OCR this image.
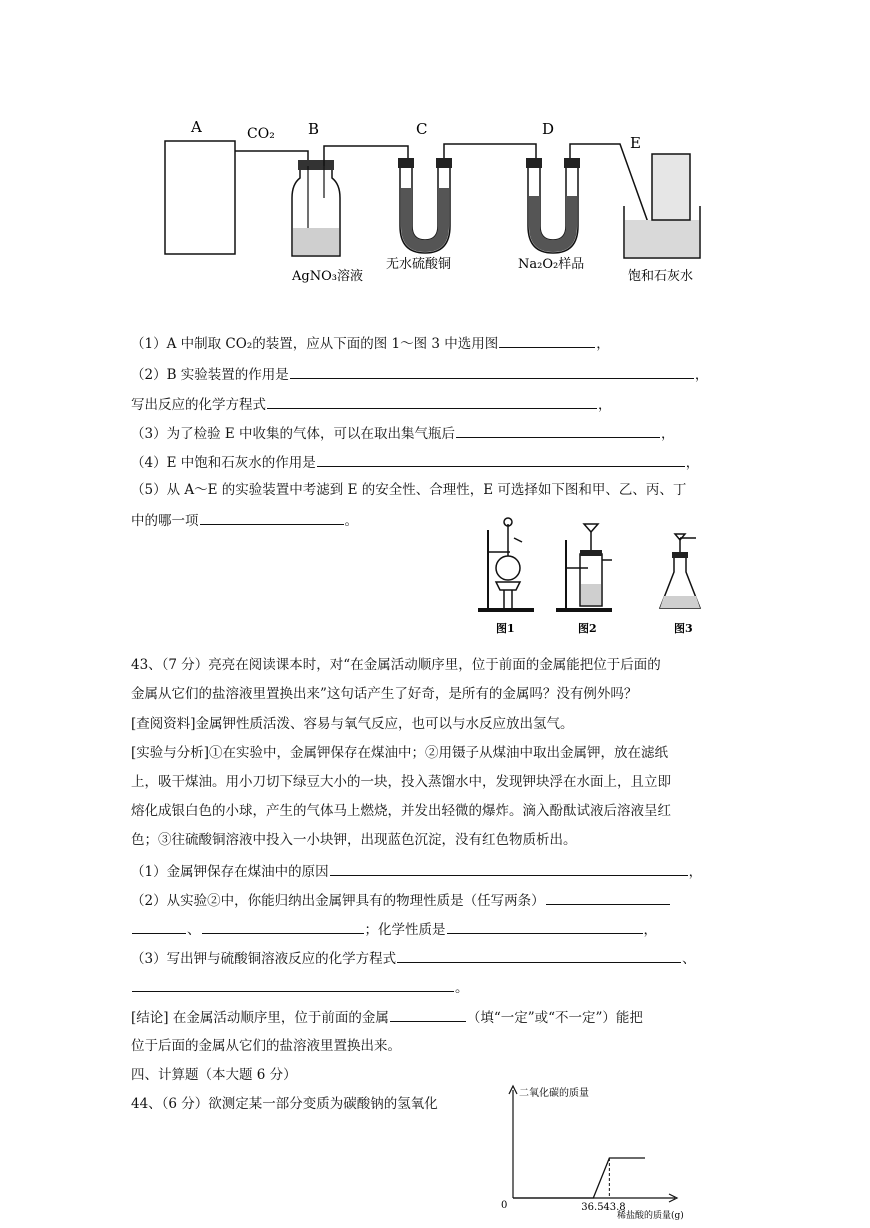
A	CO₂ B	C	D
E
AgNO₃溶液
无水硫酸铜	Na₂O₂样品
饱和石灰水
（1）A 中制取 CO₂的装置，应从下面的图 1～图 3 中选用图	，
（2）B 实验装置的作用是	，
写出反应的化学方程式	，
（3）为了检验 E 中收集的气体，可以在取出集气瓶后	，
（4）E 中饱和石灰水的作用是	，
（5）从 A～E 的实验装置中考滤到 E 的安全性、合理性，E 可选择如下图和甲、乙、丙、丁
中的哪一项	。
图1	图2	图3
43、（7 分）亮亮在阅读课本时，对“在金属活动顺序里，位于前面的金属能把位于后面的
金属从它们的盐溶液里置换出来”这句话产生了好奇，是所有的金属吗？没有例外吗？
[查阅资料]金属钾性质活泼、容易与氧气反应，也可以与水反应放出氢气。
[实验与分析]①在实验中，金属钾保存在煤油中；②用镊子从煤油中取出金属钾，放在滤纸
上，吸干煤油。用小刀切下绿豆大小的一块，投入蒸馏水中，发现钾块浮在水面上，且立即
熔化成银白色的小球，产生的气体马上燃烧，并发出轻微的爆炸。滴入酚酞试液后溶液呈红
色；③往硫酸铜溶液中投入一小块钾，出现蓝色沉淀，没有红色物质析出。
（1）金属钾保存在煤油中的原因	，
（2）从实验②中，你能归纳出金属钾具有的物理性质是（任写两条）
、	；化学性质是	，
（3）写出钾与硫酸铜溶液反应的化学方程式	、
。
[结论] 在金属活动顺序里，位于前面的金属	（填“一定”或“不一定”）能把
位于后面的金属从它们的盐溶液里置换出来。
四、计算题（本大题 6 分）
44、（6 分）欲测定某一部分变质为碳酸钠的氢氧化
二氧化碳的质量
稀盐酸的质量(g)
0	36.5 43.8
